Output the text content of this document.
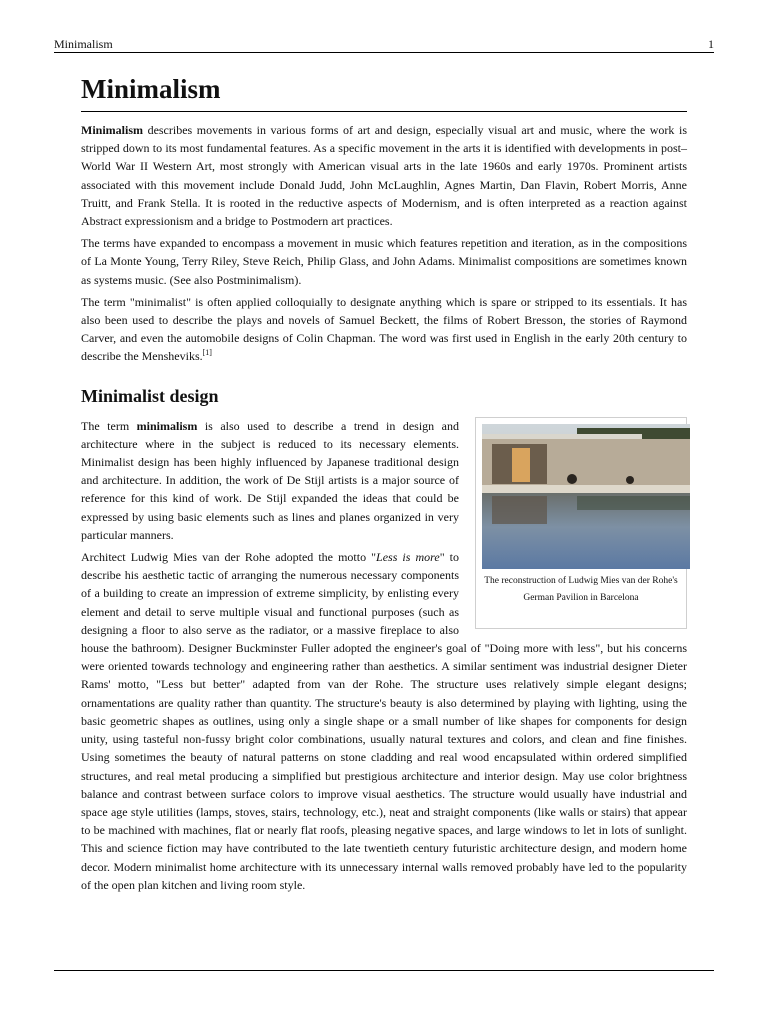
Minimalism	1
Minimalism

Minimalism describes movements in various forms of art and design, especially visual art and music, where the work is stripped down to its most fundamental features. As a specific movement in the arts it is identified with developments in post–World War II Western Art, most strongly with American visual arts in the late 1960s and early 1970s. Prominent artists associated with this movement include Donald Judd, John McLaughlin, Agnes Martin, Dan Flavin, Robert Morris, Anne Truitt, and Frank Stella. It is rooted in the reductive aspects of Modernism, and is often interpreted as a reaction against Abstract expressionism and a bridge to Postmodern art practices.

The terms have expanded to encompass a movement in music which features repetition and iteration, as in the compositions of La Monte Young, Terry Riley, Steve Reich, Philip Glass, and John Adams. Minimalist compositions are sometimes known as systems music. (See also Postminimalism).

The term "minimalist" is often applied colloquially to designate anything which is spare or stripped to its essentials. It has also been used to describe the plays and novels of Samuel Beckett, the films of Robert Bresson, the stories of Raymond Carver, and even the automobile designs of Colin Chapman. The word was first used in English in the early 20th century to describe the Mensheviks.[1]

Minimalist design
The reconstruction of Ludwig Mies van der Rohe's German Pavilion in Barcelona

The term minimalism is also used to describe a trend in design and architecture where in the subject is reduced to its necessary elements. Minimalist design has been highly influenced by Japanese traditional design and architecture. In addition, the work of De Stijl artists is a major source of reference for this kind of work. De Stijl expanded the ideas that could be expressed by using basic elements such as lines and planes organized in very particular manners.

Architect Ludwig Mies van der Rohe adopted the motto "Less is more" to describe his aesthetic tactic of arranging the numerous necessary components of a building to create an impression of extreme simplicity, by enlisting every element and detail to serve multiple visual and functional purposes (such as designing a floor to also serve as the radiator, or a massive fireplace to also house the bathroom). Designer Buckminster Fuller adopted the engineer's goal of "Doing more with less", but his concerns were oriented towards technology and engineering rather than aesthetics. A similar sentiment was industrial designer Dieter Rams' motto, "Less but better" adapted from van der Rohe. The structure uses relatively simple elegant designs; ornamentations are quality rather than quantity. The structure's beauty is also determined by playing with lighting, using the basic geometric shapes as outlines, using only a single shape or a small number of like shapes for components for design unity, using tasteful non-fussy bright color combinations, usually natural textures and colors, and clean and fine finishes. Using sometimes the beauty of natural patterns on stone cladding and real wood encapsulated within ordered simplified structures, and real metal producing a simplified but prestigious architecture and interior design. May use color brightness balance and contrast between surface colors to improve visual aesthetics. The structure would usually have industrial and space age style utilities (lamps, stoves, stairs, technology, etc.), neat and straight components (like walls or stairs) that appear to be machined with machines, flat or nearly flat roofs, pleasing negative spaces, and large windows to let in lots of sunlight. This and science fiction may have contributed to the late twentieth century futuristic architecture design, and modern home decor. Modern minimalist home architecture with its unnecessary internal walls removed probably have led to the popularity of the open plan kitchen and living room style.
